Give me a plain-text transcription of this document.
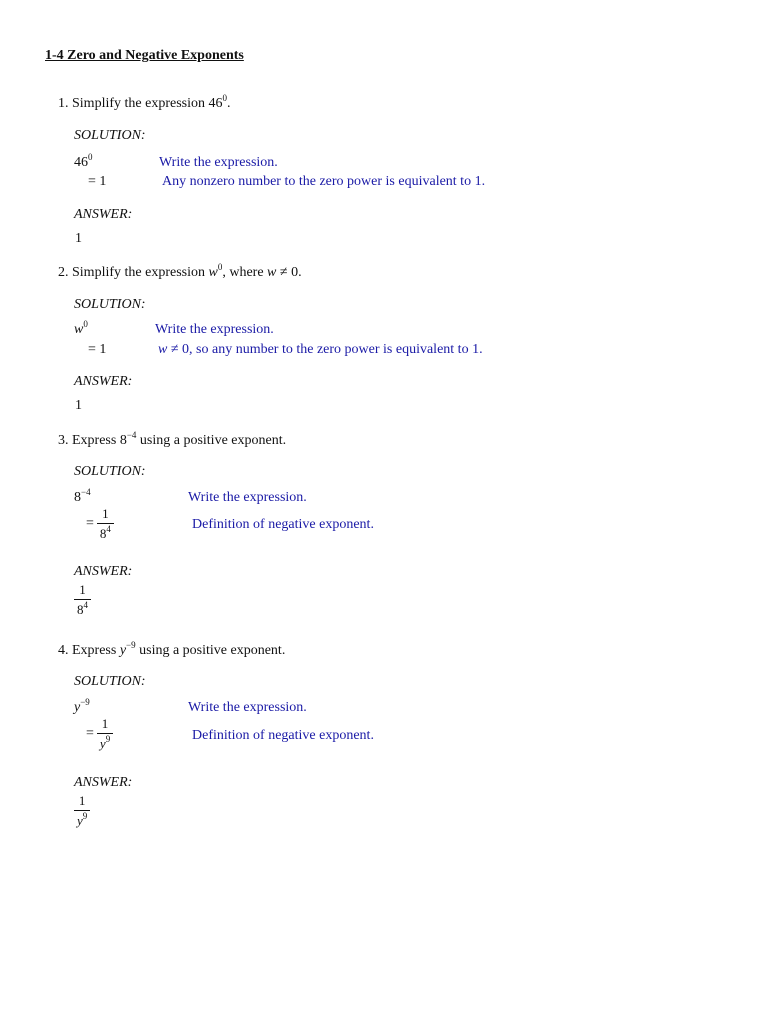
1-4 Zero and Negative Exponents
1. Simplify the expression $46^0$.
SOLUTION:
$46^0$	Write the expression.
= 1	Any nonzero number to the zero power is equivalent to 1.
ANSWER:
1
2. Simplify the expression $w^0$, where w ≠ 0.
SOLUTION:
$w^0$	Write the expression.
= 1	w ≠ 0, so any number to the zero power is equivalent to 1.
ANSWER:
1
3. Express $8^{-4}$ using a positive exponent.
SOLUTION:
$8^{-4}$	Write the expression.
= $\frac{1}{8^4}$	Definition of negative exponent.
ANSWER:
$\frac{1}{8^4}$
4. Express $y^{-9}$ using a positive exponent.
SOLUTION:
$y^{-9}$	Write the expression.
= $\frac{1}{y^9}$	Definition of negative exponent.
ANSWER:
$\frac{1}{y^9}$
